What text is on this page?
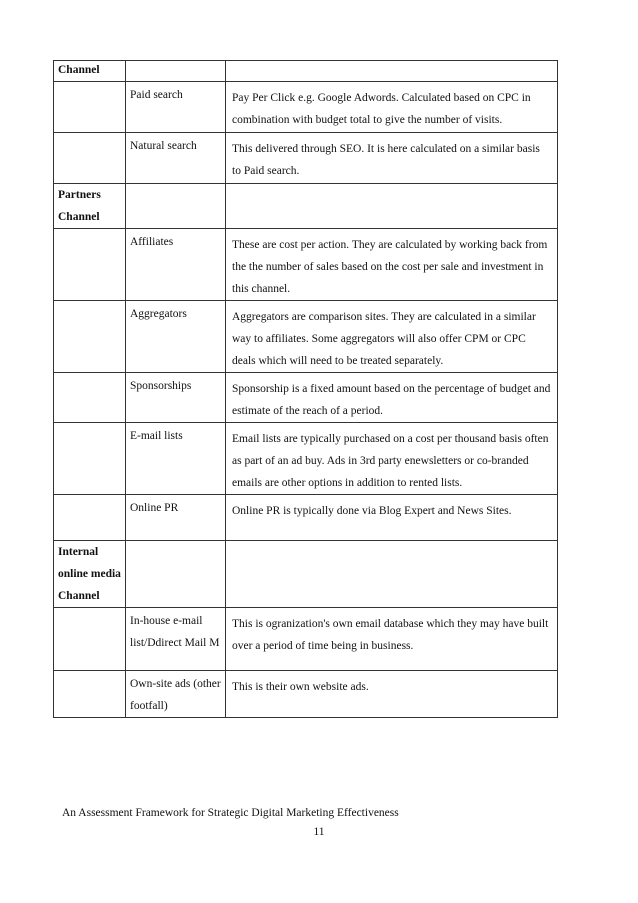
Channel		
	Paid search	Pay Per Click e.g. Google Adwords. Calculated based on CPC in combination with budget total to give the number of visits.
	Natural search	This delivered through SEO. It is here calculated on a similar basis to Paid search.
Partners Channel		
	Affiliates	These are cost per action. They are calculated by working back from the the number of sales based on the cost per sale and investment in this channel.
	Aggregators	Aggregators are comparison sites. They are calculated in a similar way to affiliates. Some aggregators will also offer CPM or CPC deals which will need to be treated separately.
	Sponsorships	Sponsorship is a fixed amount based on the percentage of budget and estimate of the reach of a period.
	E-mail lists	Email lists are typically purchased on a cost per thousand basis often as part of an ad buy. Ads in 3rd party enewsletters or co-branded emails are other options in addition to rented lists.
	Online PR	Online PR is typically done via Blog Expert and News Sites.
Internal online media Channel		
	In-house e-mail list/Ddirect Mail M	This is ogranization's own email database which they may have built over a period of time being in business.
	Own-site ads (other footfall)	This is their own website ads.
An Assessment Framework for Strategic Digital Marketing Effectiveness
11
